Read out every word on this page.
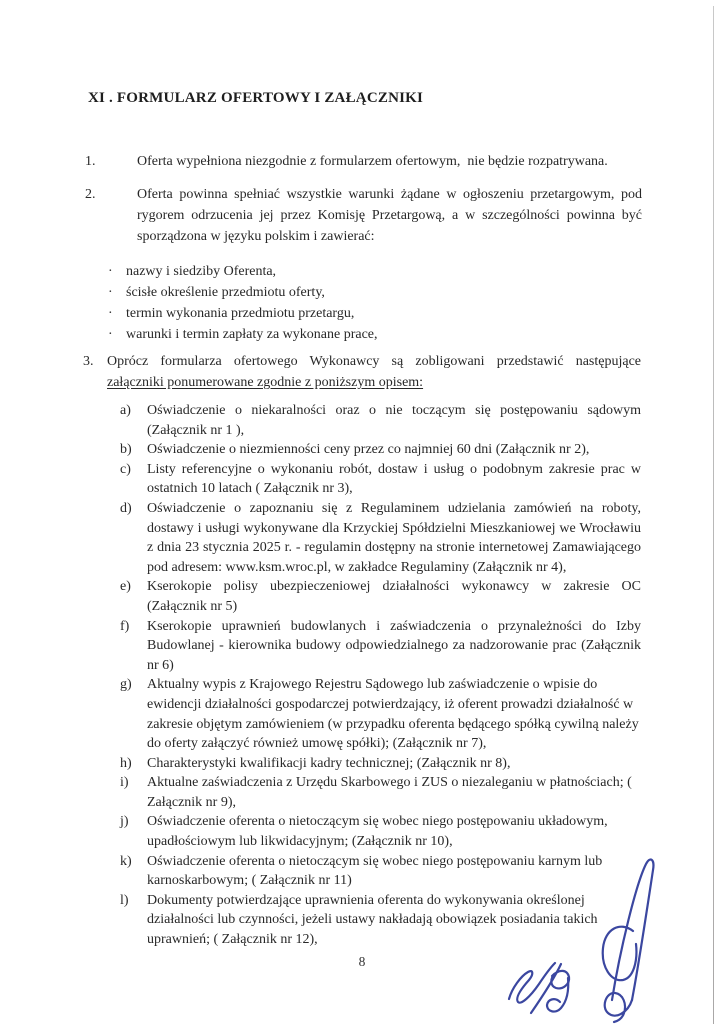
XI . FORMULARZ OFERTOWY I ZAŁĄCZNIKI
1.	Oferta wypełniona niezgodnie z formularzem ofertowym,  nie będzie rozpatrywana.
2.	Oferta powinna spełniać wszystkie warunki żądane w ogłoszeniu przetargowym, pod rygorem odrzucenia jej przez Komisję Przetargową, a w szczególności powinna być sporządzona w języku polskim i zawierać:
· nazwy i siedziby Oferenta,
· ścisłe określenie przedmiotu oferty,
· termin wykonania przedmiotu przetargu,
· warunki i termin zapłaty za wykonane prace,
3. Oprócz formularza ofertowego Wykonawcy są zobligowani przedstawić następujące
załączniki ponumerowane zgodnie z poniższym opisem:
a)	Oświadczenie o niekaralności oraz o nie toczącym się postępowaniu sądowym (Załącznik nr 1 ),
b)	Oświadczenie o niezmienności ceny przez co najmniej 60 dni (Załącznik nr 2),
c)	Listy referencyjne o wykonaniu robót, dostaw i usług o podobnym zakresie prac w ostatnich 10 latach ( Załącznik nr 3),
d)	Oświadczenie o zapoznaniu się z Regulaminem udzielania zamówień na roboty, dostawy i usługi wykonywane dla Krzyckiej Spółdzielni Mieszkaniowej we Wrocławiu z dnia 23 stycznia 2025 r. - regulamin dostępny na stronie internetowej Zamawiającego pod adresem: www.ksm.wroc.pl, w zakładce Regulaminy (Załącznik nr 4),
e)	Kserokopie polisy ubezpieczeniowej działalności wykonawcy w zakresie OC (Załącznik nr 5)
f)	Kserokopie uprawnień budowlanych i zaświadczenia o przynależności do Izby Budowlanej - kierownika budowy odpowiedzialnego za nadzorowanie prac (Załącznik nr 6)
g)	Aktualny wypis z Krajowego Rejestru Sądowego lub zaświadczenie o wpisie do ewidencji działalności gospodarczej potwierdzający, iż oferent prowadzi działalność w zakresie objętym zamówieniem (w przypadku oferenta będącego spółką cywilną należy do oferty załączyć również umowę spółki); (Załącznik nr 7),
h)	Charakterystyki kwalifikacji kadry technicznej; (Załącznik nr 8),
i)	Aktualne zaświadczenia z Urzędu Skarbowego i ZUS o niezaleganiu w płatnościach; ( Załącznik nr 9),
j)	Oświadczenie oferenta o nietoczącym się wobec niego postępowaniu układowym, upadłościowym lub likwidacyjnym; (Załącznik nr 10),
k)	Oświadczenie oferenta o nietoczącym się wobec niego postępowaniu karnym lub karnoskarbowym; ( Załącznik nr 11)
l)	Dokumenty potwierdzające uprawnienia oferenta do wykonywania określonej działalności lub czynności, jeżeli ustawy nakładają obowiązek posiadania takich uprawnień; ( Załącznik nr 12),
8
